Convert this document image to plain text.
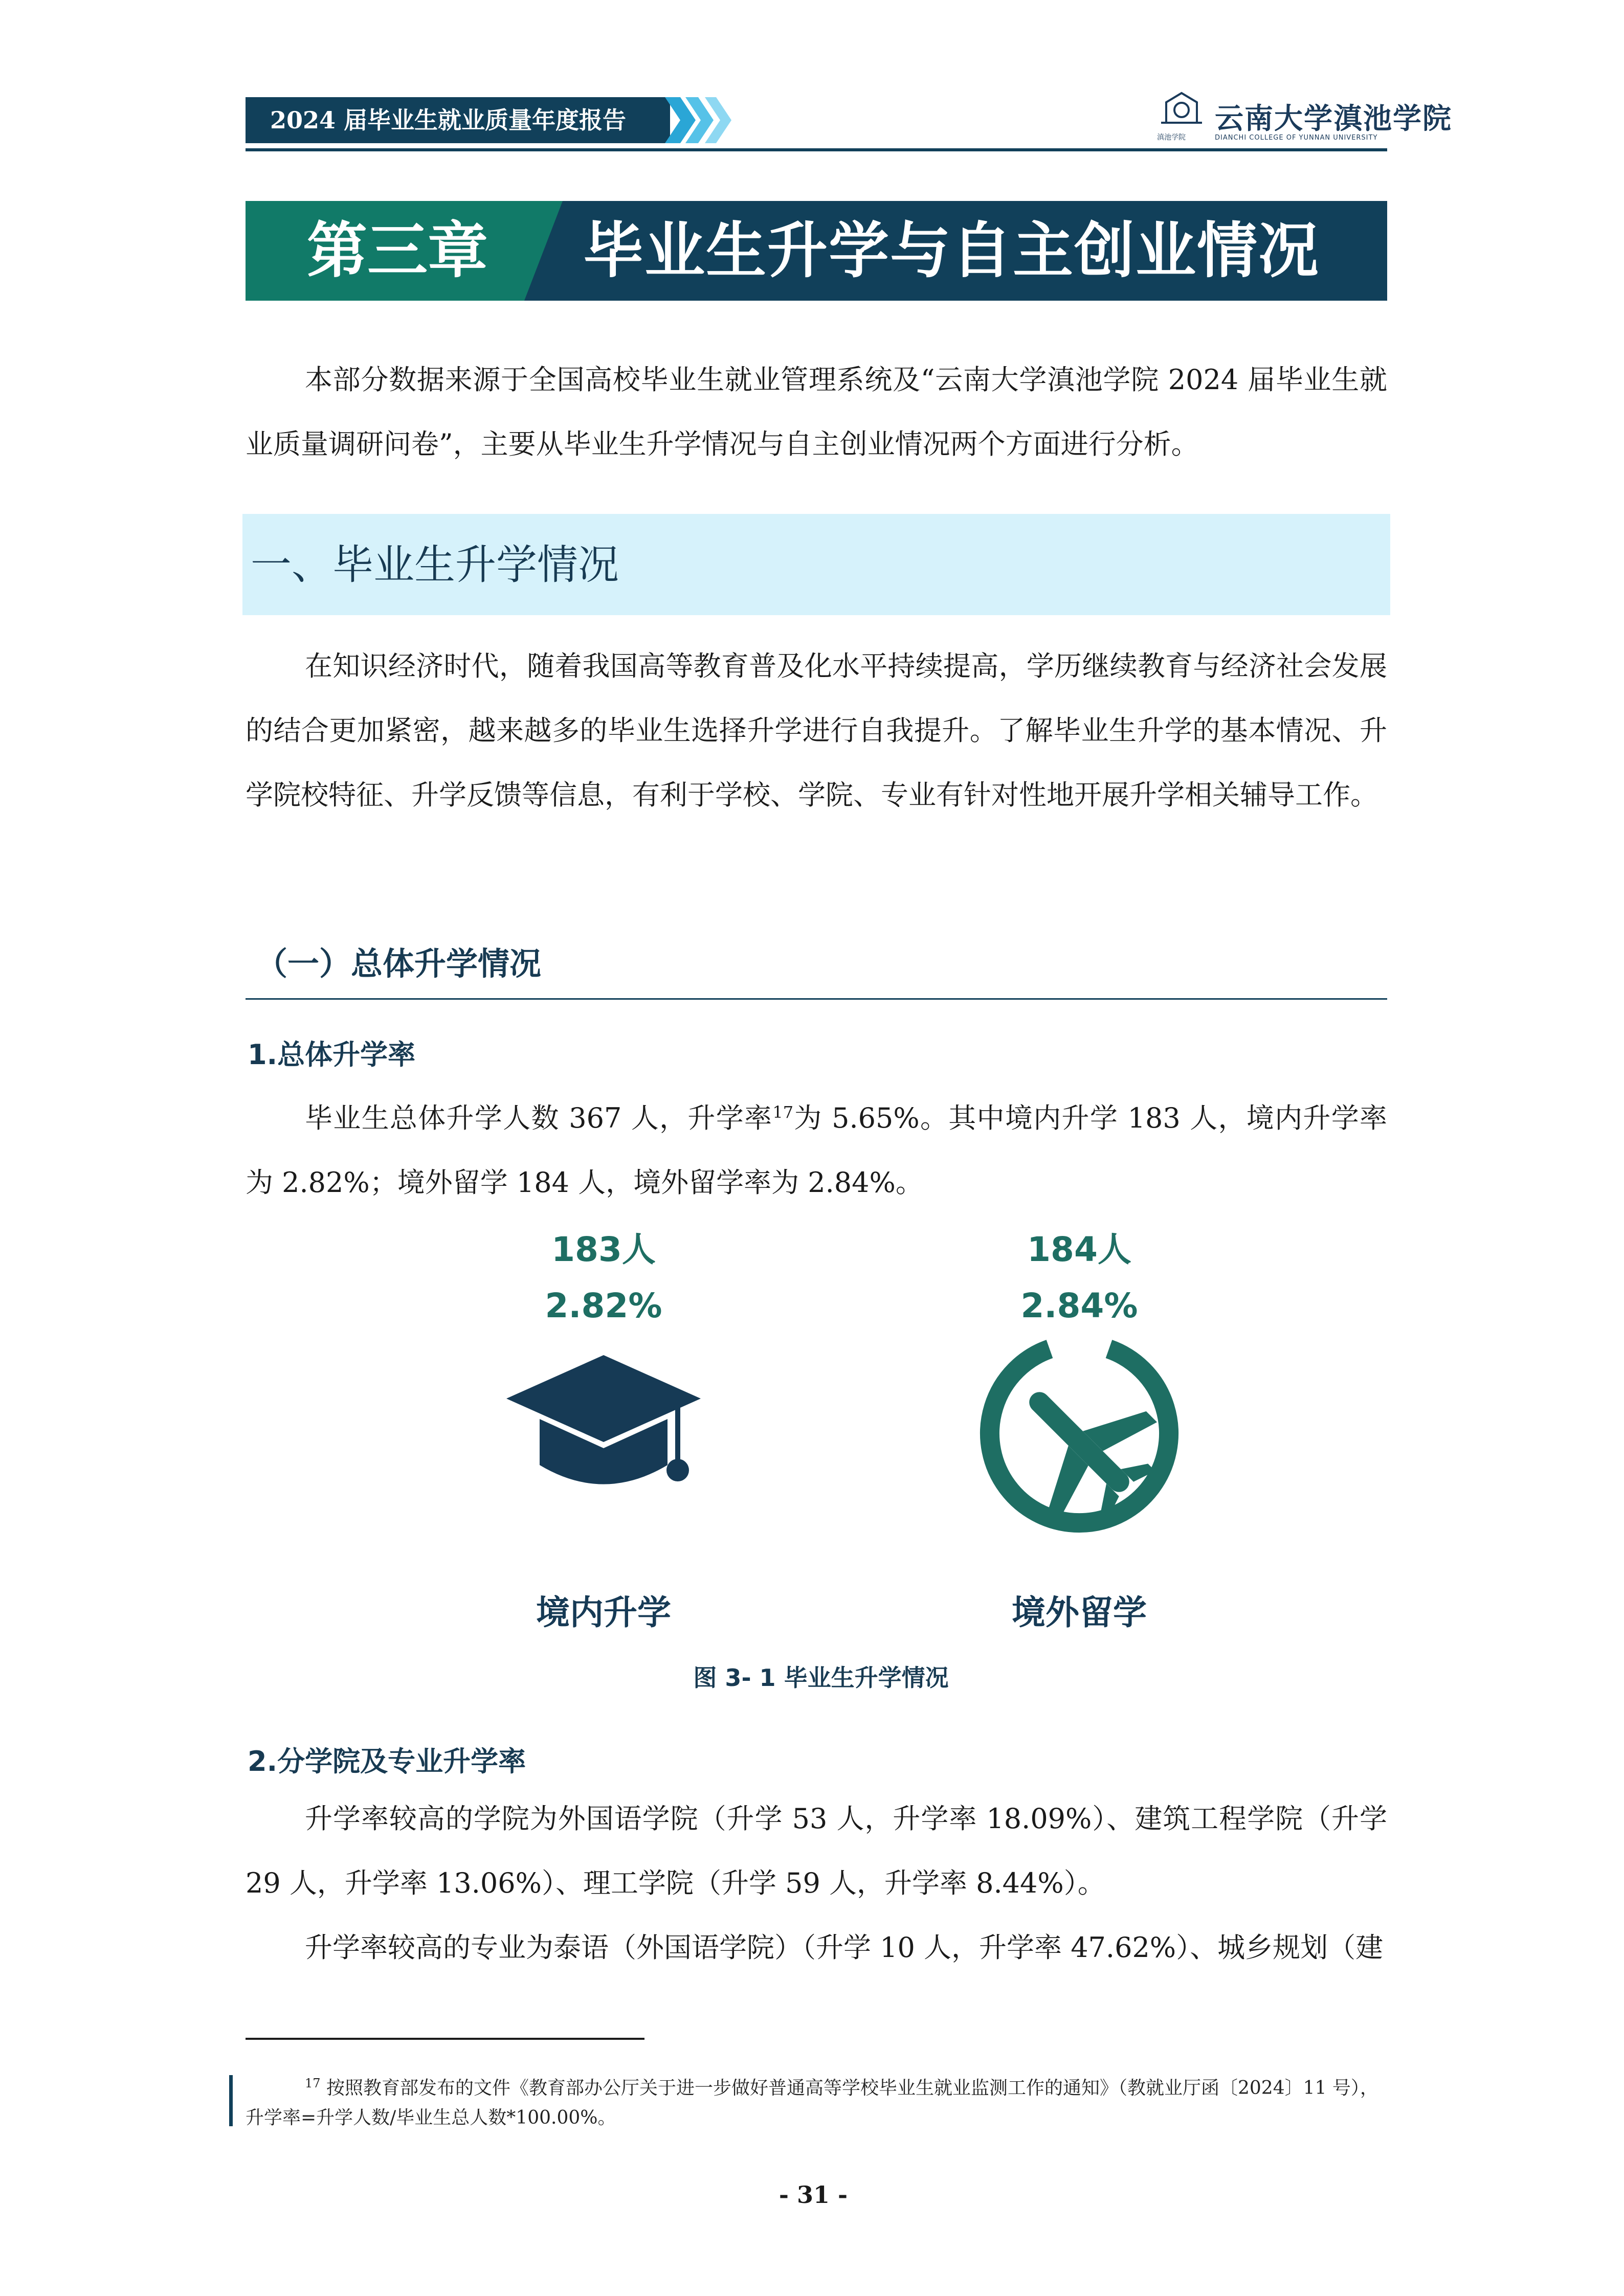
2024 届毕业生就业质量年度报告
滇池学院
云南大学滇池学院
DIANCHI COLLEGE OF YUNNAN UNIVERSITY
第三章 毕业生升学与自主创业情况
本部分数据来源于全国高校毕业生就业管理系统及“云南大学滇池学院 2024 届毕业生就业质量调研问卷”，主要从毕业生升学情况与自主创业情况两个方面进行分析。
一、毕业生升学情况
在知识经济时代，随着我国高等教育普及化水平持续提高，学历继续教育与经济社会发展的结合更加紧密，越来越多的毕业生选择升学进行自我提升。了解毕业生升学的基本情况、升学院校特征、升学反馈等信息，有利于学校、学院、专业有针对性地开展升学相关辅导工作。
（一）总体升学情况
1.总体升学率
毕业生总体升学人数 367 人，升学率$^{17}$为 5.65%。其中境内升学 183 人，境内升学率为 2.82%；境外留学 184 人，境外留学率为 2.84%。
183人
2.82%
境内升学
184人
2.84%
境外留学
图 3- 1 毕业生升学情况
2.分学院及专业升学率
升学率较高的学院为外国语学院（升学 53 人，升学率 18.09%）、建筑工程学院（升学 29 人，升学率 13.06%）、理工学院（升学 59 人，升学率 8.44%）。
升学率较高的专业为泰语（外国语学院）（升学 10 人，升学率 47.62%）、城乡规划（建
$^{17}$ 按照教育部发布的文件《教育部办公厅关于进一步做好普通高等学校毕业生就业监测工作的通知》（教就业厅函〔2024〕11 号），升学率=升学人数/毕业生总人数*100.00%。
- 31 -
